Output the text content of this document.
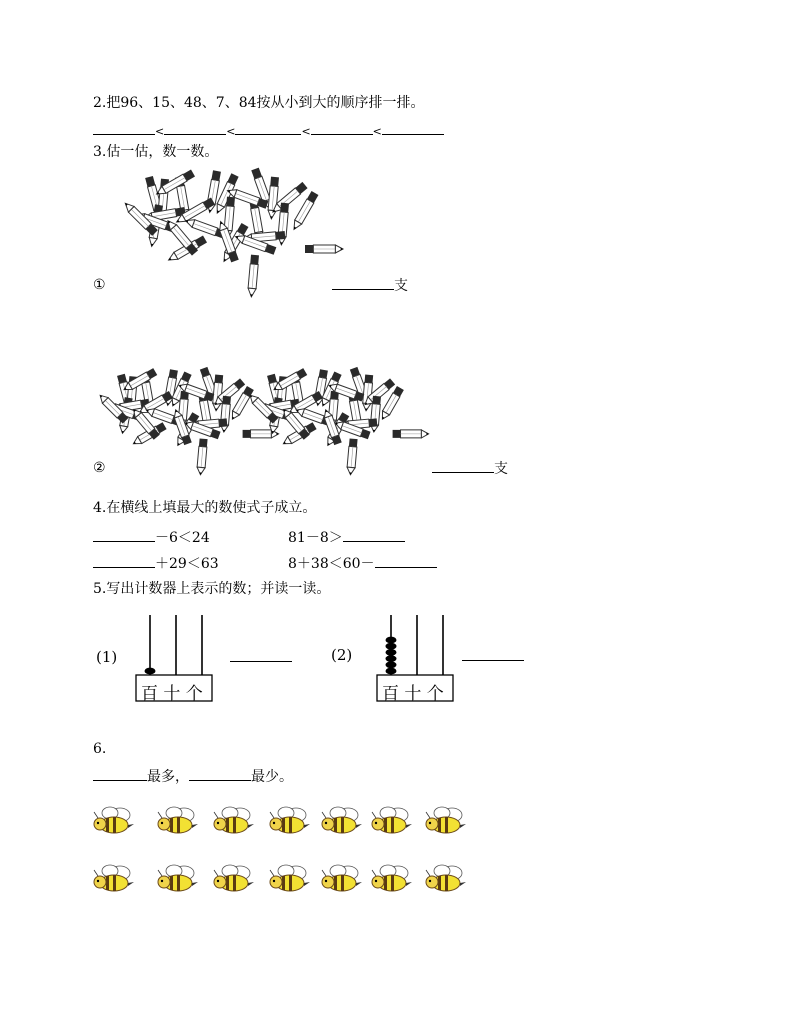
2.把96、15、48、7、84按从小到大的顺序排一排。
<	<	<	<
3.估一估，数一数。
①	支
②	支
4.在横线上填最大的数使式子成立。
－6＜24	81－8＞
＋29＜63	8＋38＜60－
5.写出计数器上表示的数；并读一读。
(1)
百 十 个
(2)
百 十 个
6.
最多，	最少。
